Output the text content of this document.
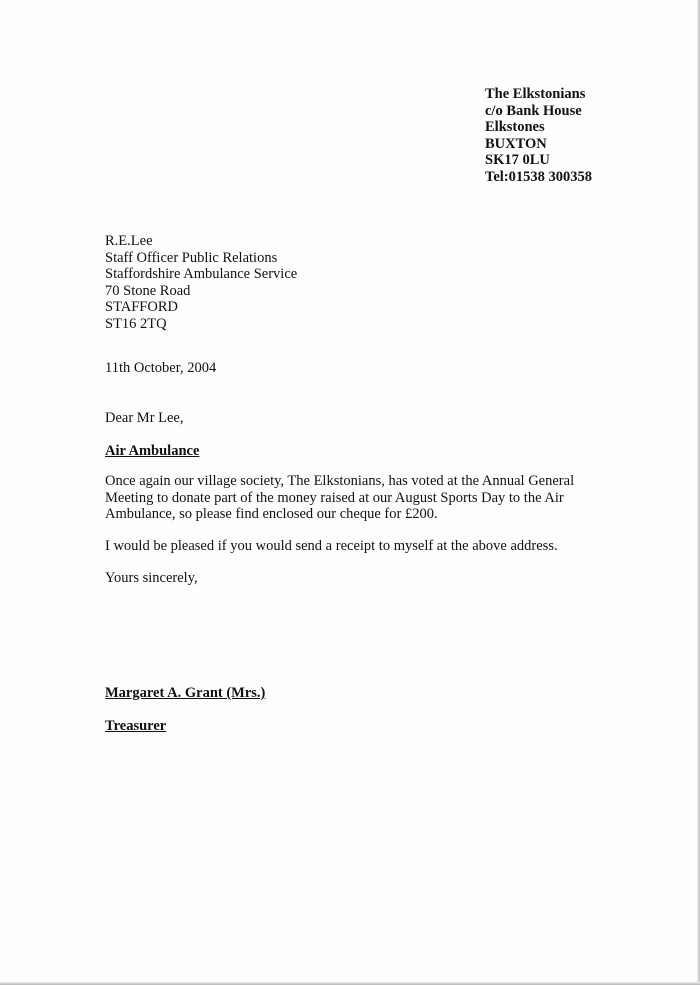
The Elkstonians
c/o Bank House
Elkstones
BUXTON
SK17 0LU
Tel:01538 300358
R.E.Lee
Staff Officer Public Relations
Staffordshire Ambulance Service
70 Stone Road
STAFFORD
ST16 2TQ
11th October, 2004
Dear Mr Lee,
Air Ambulance
Once again our village society, The Elkstonians, has voted at the Annual General Meeting to donate part of the money raised at our August Sports Day to the Air Ambulance, so please find enclosed our cheque for £200.
I would be pleased if you would send a receipt to myself at the above address.
Yours sincerely,
Margaret A. Grant (Mrs.)
Treasurer
